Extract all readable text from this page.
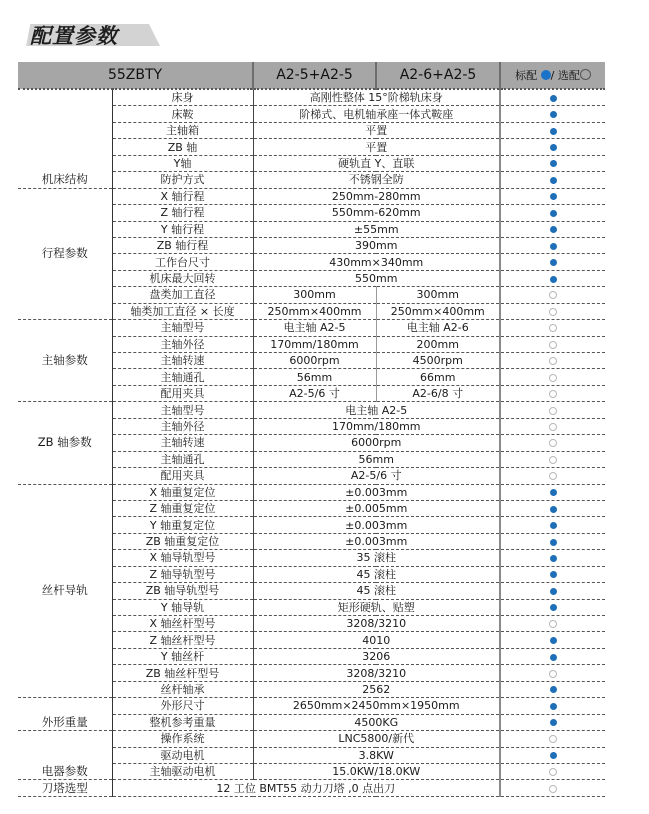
配置参数
55ZBTY		A2-5+A2-5	A2-6+A2-5	标配 / 选配
机床结构	床身	高刚性整体 15°阶梯轨床身		
	床鞍	阶梯式、电机轴承座一体式鞍座		
	主轴箱	平置		
	ZB 轴	平置		
	Y轴	硬轨直 Y、直联		
	防护方式	不锈钢全防		
行程参数	X 轴行程	250mm-280mm		
	Z 轴行程	550mm-620mm		
	Y 轴行程	±55mm		
	ZB 轴行程	390mm		
	工作台尺寸	430mm×340mm		
	机床最大回转	550mm		
	盘类加工直径	300mm	300mm	
	轴类加工直径 × 长度	250mm×400mm	250mm×400mm	
主轴参数	主轴型号	电主轴 A2-5	电主轴 A2-6	
	主轴外径	170mm/180mm	200mm	
	主轴转速	6000rpm	4500rpm	
	主轴通孔	56mm	66mm	
	配用夹具	A2-5/6 寸	A2-6/8 寸	
ZB 轴参数	主轴型号	电主轴 A2-5		
	主轴外径	170mm/180mm		
	主轴转速	6000rpm		
	主轴通孔	56mm		
	配用夹具	A2-5/6 寸		
丝杆导轨	X 轴重复定位	±0.003mm		
	Z 轴重复定位	±0.005mm		
	Y 轴重复定位	±0.003mm		
	ZB 轴重复定位	±0.003mm		
	X 轴导轨型号	35 滚柱		
	Z 轴导轨型号	45 滚柱		
	ZB 轴导轨型号	45 滚柱		
	Y 轴导轨	矩形硬轨、贴塑		
	X 轴丝杆型号	3208/3210		
	Z 轴丝杆型号	4010		
	Y 轴丝杆	3206		
	ZB 轴丝杆型号	3208/3210		
	丝杆轴承	2562		
外形重量	外形尺寸	2650mm×2450mm×1950mm		
	整机参考重量	4500KG		
电器参数	操作系统	LNC5800/新代		
	驱动电机	3.8KW		
	主轴驱动电机	15.0KW/18.0KW		
刀塔选型	12 工位 BMT55 动力刀塔 ,0 点出刀			
